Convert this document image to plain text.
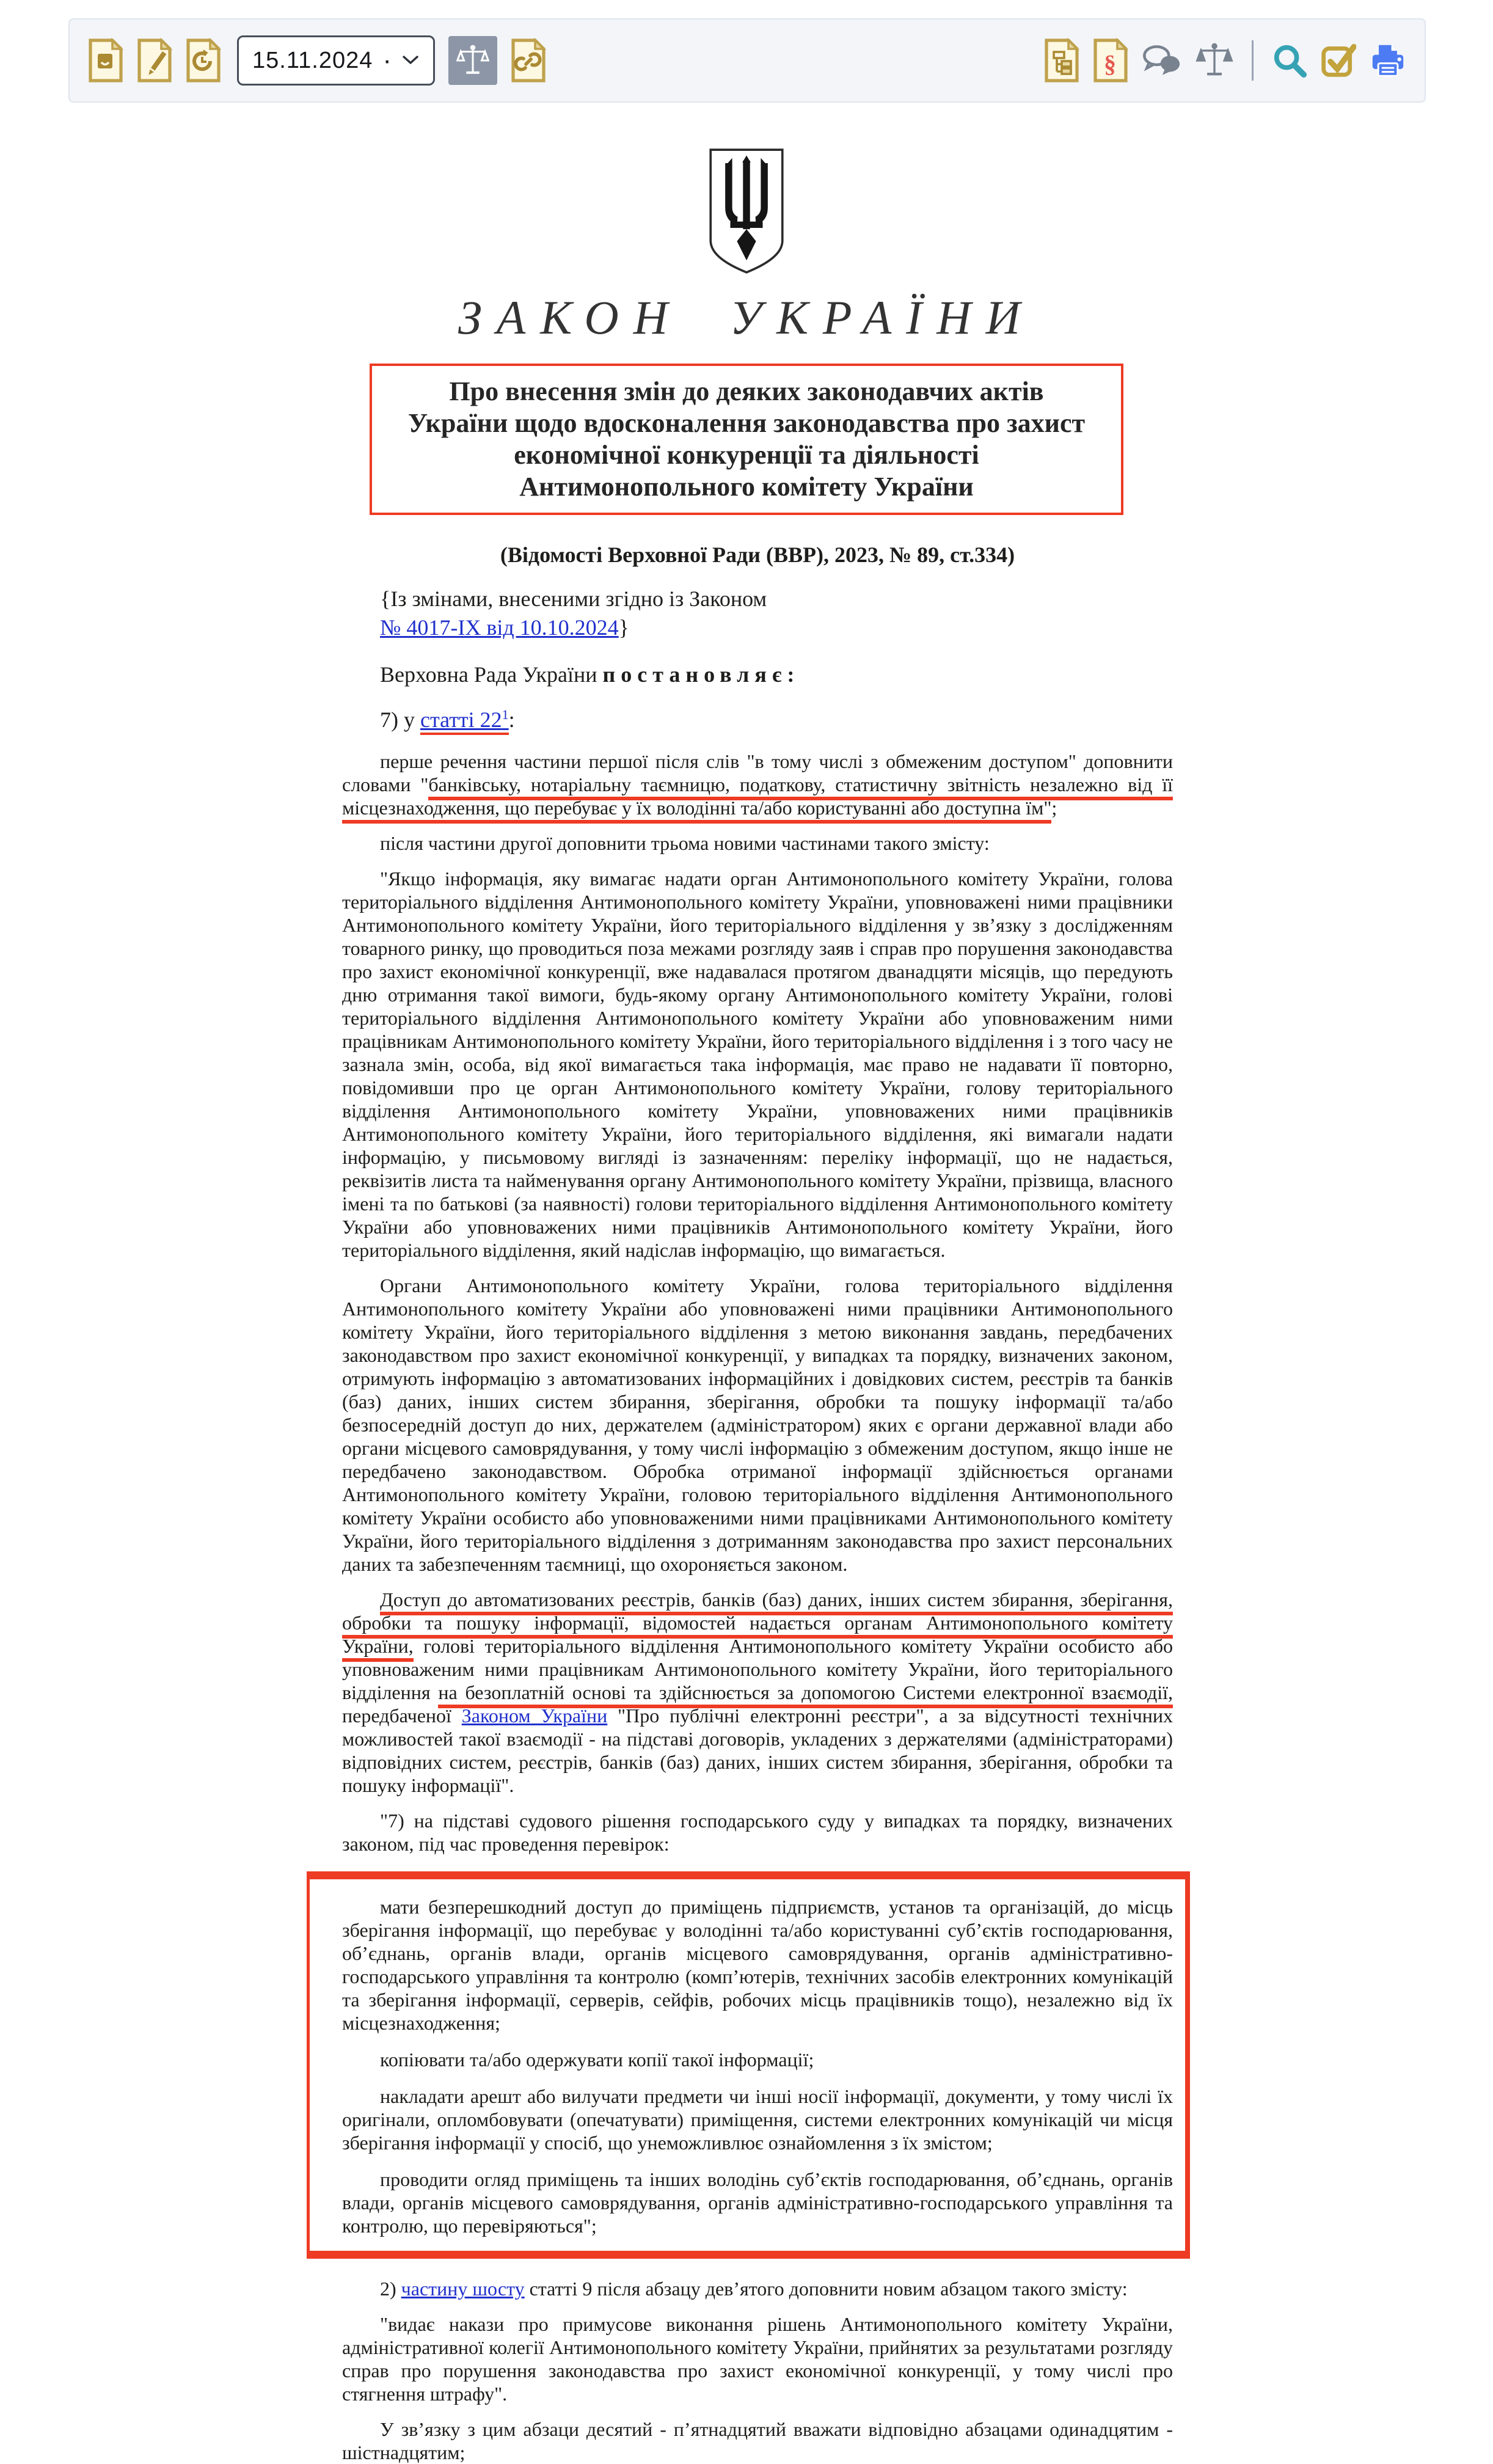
15.11.2024 ·	§
ЗАКОН УКРАЇНИ
Про внесення змін до деяких законодавчих актів України щодо вдосконалення законодавства про захист економічної конкуренції та діяльності Антимонопольного комітету України
(Відомості Верховної Ради (ВВР), 2023, № 89, ст.334)
{Із змінами, внесеними згідно із Законом
№ 4017-IX від 10.10.2024}
Верховна Рада України постановляє:
7) у статті $22^1$:

перше речення частини першої після слів "в тому числі з обмеженим доступом" доповнити словами "банківську, нотаріальну таємницю, податкову, статистичну звітність незалежно від її місцезнаходження, що перебуває у їх володінні та/або користуванні або доступна їм";

після частини другої доповнити трьома новими частинами такого змісту:

"Якщо інформація, яку вимагає надати орган Антимонопольного комітету України, голова територіального відділення Антимонопольного комітету України, уповноважені ними працівники Антимонопольного комітету України, його територіального відділення у зв’язку з дослідженням товарного ринку, що проводиться поза межами розгляду заяв і справ про порушення законодавства про захист економічної конкуренції, вже надавалася протягом дванадцяти місяців, що передують дню отримання такої вимоги, будь-якому органу Антимонопольного комітету України, голові територіального відділення Антимонопольного комітету України або уповноваженим ними працівникам Антимонопольного комітету України, його територіального відділення і з того часу не зазнала змін, особа, від якої вимагається така інформація, має право не надавати її повторно, повідомивши про це орган Антимонопольного комітету України, голову територіального відділення Антимонопольного комітету України, уповноважених ними працівників Антимонопольного комітету України, його територіального відділення, які вимагали надати інформацію, у письмовому вигляді із зазначенням: переліку інформації, що не надається, реквізитів листа та найменування органу Антимонопольного комітету України, прізвища, власного імені та по батькові (за наявності) голови територіального відділення Антимонопольного комітету України або уповноважених ними працівників Антимонопольного комітету України, його територіального відділення, який надіслав інформацію, що вимагається.

Органи Антимонопольного комітету України, голова територіального відділення Антимонопольного комітету України або уповноважені ними працівники Антимонопольного комітету України, його територіального відділення з метою виконання завдань, передбачених законодавством про захист економічної конкуренції, у випадках та порядку, визначених законом, отримують інформацію з автоматизованих інформаційних і довідкових систем, реєстрів та банків (баз) даних, інших систем збирання, зберігання, обробки та пошуку інформації та/або безпосередній доступ до них, держателем (адміністратором) яких є органи державної влади або органи місцевого самоврядування, у тому числі інформацію з обмеженим доступом, якщо інше не передбачено законодавством. Обробка отриманої інформації здійснюється органами Антимонопольного комітету України, головою територіального відділення Антимонопольного комітету України особисто або уповноваженими ними працівниками Антимонопольного комітету України, його територіального відділення з дотриманням законодавства про захист персональних даних та забезпеченням таємниці, що охороняється законом.

Доступ до автоматизованих реєстрів, банків (баз) даних, інших систем збирання, зберігання, обробки та пошуку інформації, відомостей надається органам Антимонопольного комітету України, голові територіального відділення Антимонопольного комітету України особисто або уповноваженим ними працівникам Антимонопольного комітету України, його територіального відділення на безоплатній основі та здійснюється за допомогою Системи електронної взаємодії, передбаченої Законом України "Про публічні електронні реєстри", а за відсутності технічних можливостей такої взаємодії - на підставі договорів, укладених з держателями (адміністраторами) відповідних систем, реєстрів, банків (баз) даних, інших систем збирання, зберігання, обробки та пошуку інформації".

"7) на підставі судового рішення господарського суду у випадках та порядку, визначених законом, під час проведення перевірок:

мати безперешкодний доступ до приміщень підприємств, установ та організацій, до місць зберігання інформації, що перебуває у володінні та/або користуванні суб’єктів господарювання, об’єднань, органів влади, органів місцевого самоврядування, органів адміністративно-господарського управління та контролю (комп’ютерів, технічних засобів електронних комунікацій та зберігання інформації, серверів, сейфів, робочих місць працівників тощо), незалежно від їх місцезнаходження;

копіювати та/або одержувати копії такої інформації;

накладати арешт або вилучати предмети чи інші носії інформації, документи, у тому числі їх оригінали, опломбовувати (опечатувати) приміщення, системи електронних комунікацій чи місця зберігання інформації у спосіб, що унеможливлює ознайомлення з їх змістом;

проводити огляд приміщень та інших володінь суб’єктів господарювання, об’єднань, органів влади, органів місцевого самоврядування, органів адміністративно-господарського управління та контролю, що перевіряються";

2) частину шосту статті 9 після абзацу дев’ятого доповнити новим абзацом такого змісту:

"видає накази про примусове виконання рішень Антимонопольного комітету України, адміністративної колегії Антимонопольного комітету України, прийнятих за результатами розгляду справ про порушення законодавства про захист економічної конкуренції, у тому числі про стягнення штрафу".

У зв’язку з цим абзаци десятий - п’ятнадцятий вважати відповідно абзацами одинадцятим - шістнадцятим;
